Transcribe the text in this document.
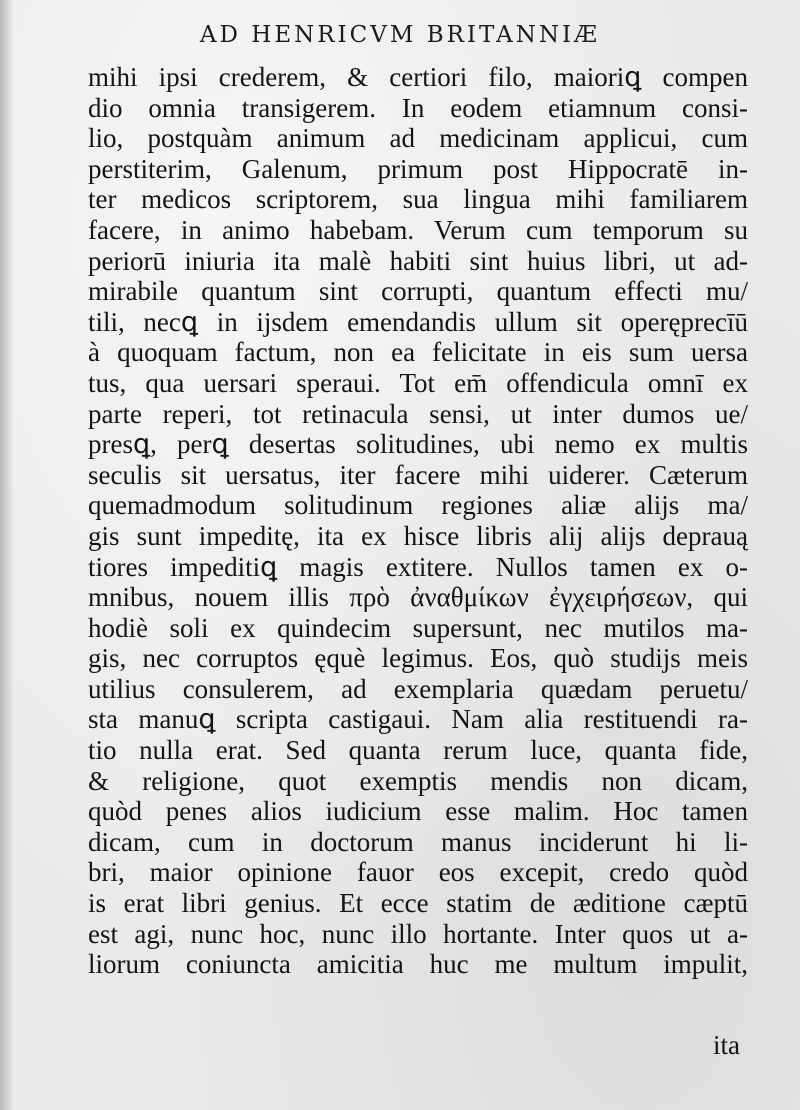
AD HENRICVM BRITANNIÆ
mihi ipsi crederem, & certiori filo, maioriꝗ compen
dio omnia transigerem. In eodem etiamnum consi-
lio, postquàm animum ad medicinam applicui, cum
perstiterim, Galenum, primum post Hippocratē in-
ter medicos scriptorem, sua lingua mihi familiarem
facere, in animo habebam. Verum cum temporum su
periorū iniuria ita malè habiti sint huius libri, ut ad-
mirabile quantum sint corrupti, quantum effecti mu/
tili, necꝗ in ijsdem emendandis ullum sit operęprecīū
à quoquam factum, non ea felicitate in eis sum uersa
tus, qua uersari speraui. Tot em̄ offendicula omnī ex
parte reperi, tot retinacula sensi, ut inter dumos ue/
presꝗ, perꝗ desertas solitudines, ubi nemo ex multis
seculis sit uersatus, iter facere mihi uiderer. Cæterum
quemadmodum solitudinum regiones aliæ alijs ma/
gis sunt impeditę, ita ex hisce libris alij alijs deprauą
tiores impeditiꝗ magis extitere. Nullos tamen ex o-
mnibus, nouem illis πρὸ ἀναθμίκων ἐγχειρήσεων, qui
hodiè soli ex quindecim supersunt, nec mutilos ma-
gis, nec corruptos ęquè legimus. Eos, quò studijs meis
utilius consulerem, ad exemplaria quædam peruetu/
sta manuꝗ scripta castigaui. Nam alia restituendi ra-
tio nulla erat. Sed quanta rerum luce, quanta fide,
& religione, quot exemptis mendis non dicam,
quòd penes alios iudicium esse malim. Hoc tamen
dicam, cum in doctorum manus inciderunt hi li-
bri, maior opinione fauor eos excepit, credo quòd
is erat libri genius. Et ecce statim de æditione cæptū
est agi, nunc hoc, nunc illo hortante. Inter quos ut a-
liorum coniuncta amicitia huc me multum impulit,
ita
